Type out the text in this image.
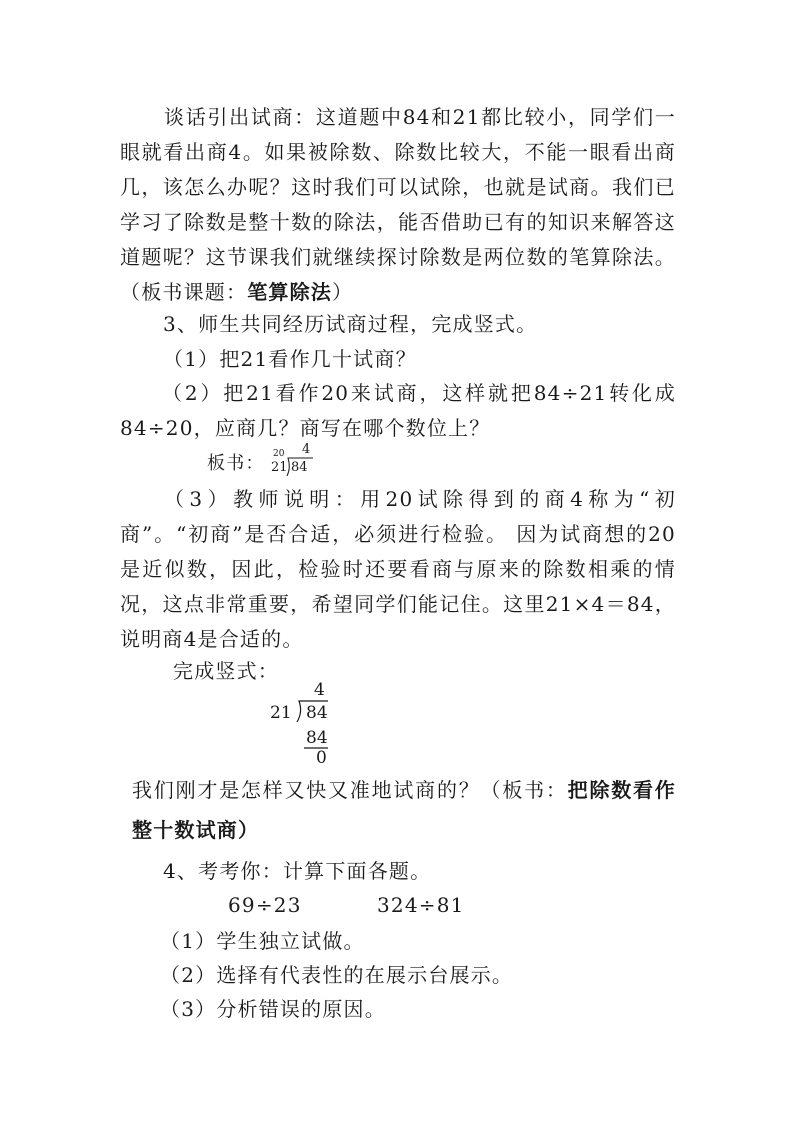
谈话引出试商：这道题中84和21都比较小，同学们一眼就看出商4。如果被除数、除数比较大，不能一眼看出商几，该怎么办呢？这时我们可以试除，也就是试商。我们已学习了除数是整十数的除法，能否借助已有的知识来解答这道题呢？这节课我们就继续探讨除数是两位数的笔算除法。（板书课题：笔算除法）

3、师生共同经历试商过程，完成竖式。

（1）把21看作几十试商？

（2）把21看作20来试商，这样就把84÷21转化成84÷20，应商几？商写在哪个数位上？

板书： 20 4
21 84

（3）教师说明：用20试除得到的商4称为“初商”。“初商”是否合适，必须进行检验。 因为试商想的20是近似数，因此，检验时还要看商与原来的除数相乘的情况，这点非常重要，希望同学们能记住。这里21×4＝84，说明商4是合适的。

完成竖式：

4
21 84
84
0

我们刚才是怎样又快又准地试商的？（板书：把除数看作整十数试商）

4、考考你：计算下面各题。

69÷23	324÷81

（1）学生独立试做。

（2）选择有代表性的在展示台展示。

（3）分析错误的原因。
